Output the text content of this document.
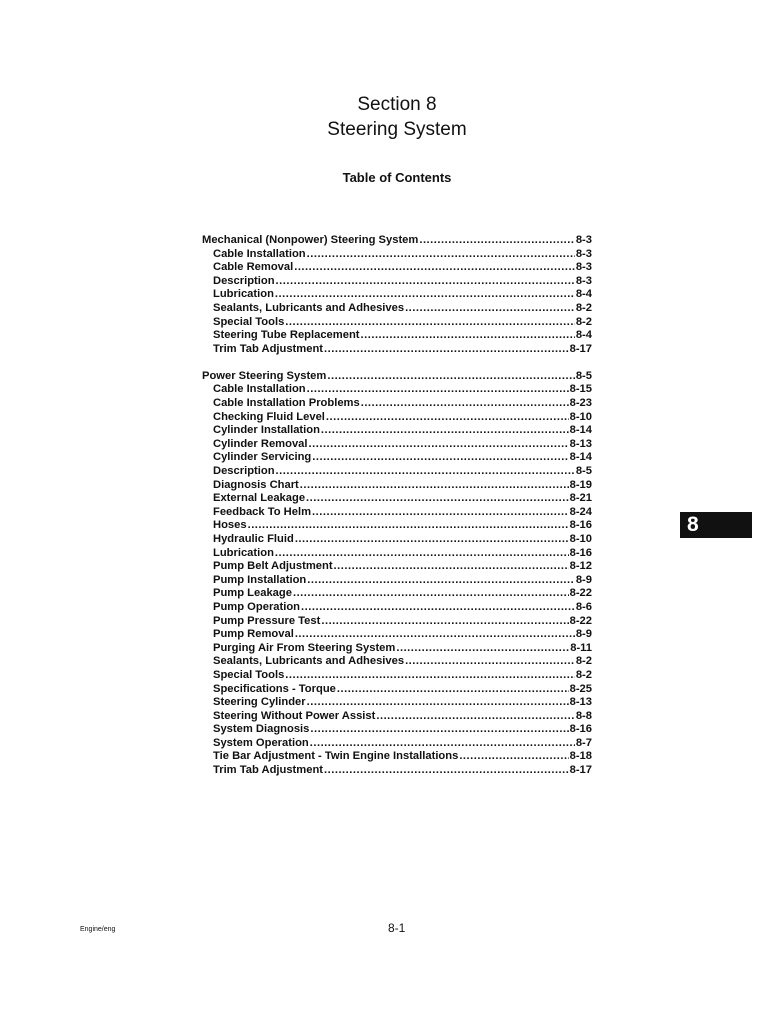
Section 8
Steering System
Table of Contents
Mechanical (Nonpower) Steering System .....	8-3
Cable Installation .....	8-3
Cable Removal .....	8-3
Description .....	8-3
Lubrication .....	8-4
Sealants, Lubricants and Adhesives .....	8-2
Special Tools .....	8-2
Steering Tube Replacement .....	8-4
Trim Tab Adjustment .....	8-17
Power Steering System .....	8-5
Cable Installation .....	8-15
Cable Installation Problems .....	8-23
Checking Fluid Level .....	8-10
Cylinder Installation .....	8-14
Cylinder Removal .....	8-13
Cylinder Servicing .....	8-14
Description .....	8-5
Diagnosis Chart .....	8-19
External Leakage .....	8-21
Feedback To Helm .....	8-24
Hoses .....	8-16
Hydraulic Fluid .....	8-10
Lubrication .....	8-16
Pump Belt Adjustment .....	8-12
Pump Installation .....	8-9
Pump Leakage .....	8-22
Pump Operation .....	8-6
Pump Pressure Test .....	8-22
Pump Removal .....	8-9
Purging Air From Steering System .....	8-11
Sealants, Lubricants and Adhesives .....	8-2
Special Tools .....	8-2
Specifications - Torque .....	8-25
Steering Cylinder .....	8-13
Steering Without Power Assist .....	8-8
System Diagnosis .....	8-16
System Operation .....	8-7
Tie Bar Adjustment - Twin Engine Installations .....	8-18
Trim Tab Adjustment .....	8-17
8
Engine/eng	8-1
